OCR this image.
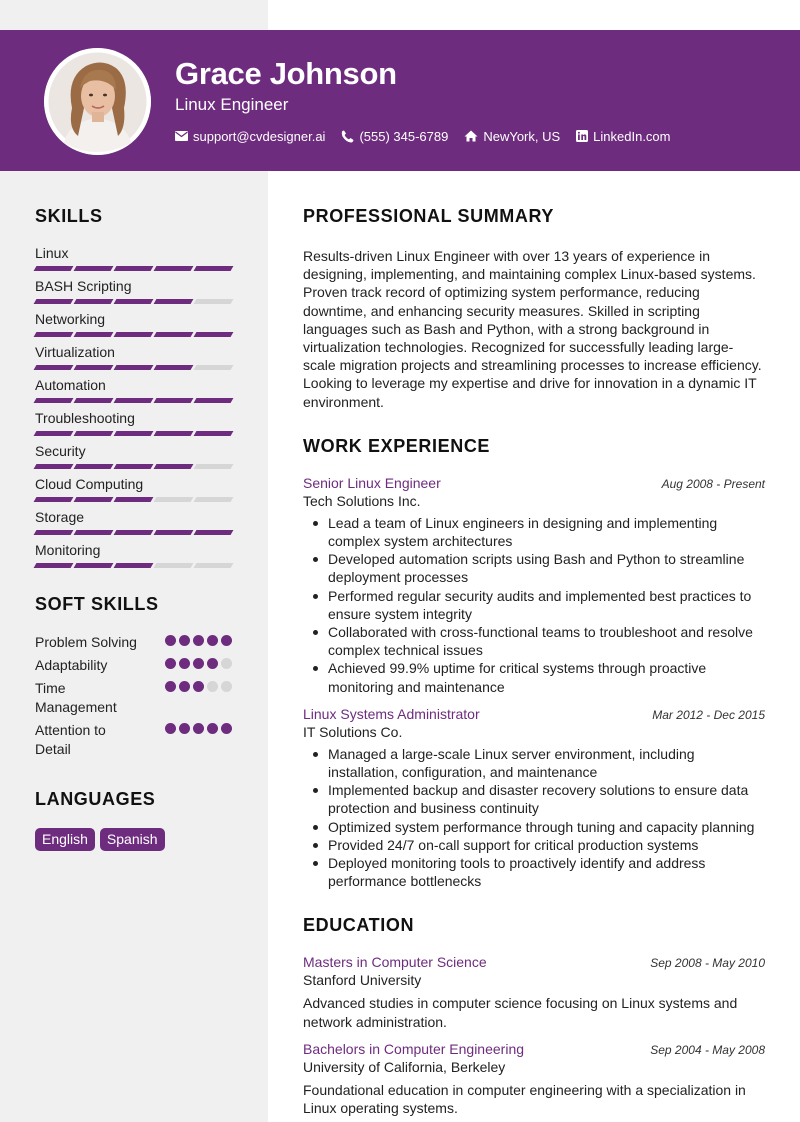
Grace Johnson
Linux Engineer
support@cvdesigner.ai	(555) 345-6789	NewYork, US	LinkedIn.com
SKILLS
Linux
BASH Scripting
Networking
Virtualization
Automation
Troubleshooting
Security
Cloud Computing
Storage
Monitoring
SOFT SKILLS
Problem Solving
Adaptability
Time Management
Attention to Detail
LANGUAGES
English	Spanish
PROFESSIONAL SUMMARY

Results-driven Linux Engineer with over 13 years of experience in designing, implementing, and maintaining complex Linux-based systems. Proven track record of optimizing system performance, reducing downtime, and enhancing security measures. Skilled in scripting languages such as Bash and Python, with a strong background in virtualization technologies. Recognized for successfully leading large-scale migration projects and streamlining processes to increase efficiency. Looking to leverage my expertise and drive for innovation in a dynamic IT environment.

WORK EXPERIENCE
Senior Linux Engineer	Aug 2008 - Present
Tech Solutions Inc.
Lead a team of Linux engineers in designing and implementing complex system architectures
Developed automation scripts using Bash and Python to streamline deployment processes
Performed regular security audits and implemented best practices to ensure system integrity
Collaborated with cross-functional teams to troubleshoot and resolve complex technical issues
Achieved 99.9% uptime for critical systems through proactive monitoring and maintenance
Linux Systems Administrator	Mar 2012 - Dec 2015
IT Solutions Co.
Managed a large-scale Linux server environment, including installation, configuration, and maintenance
Implemented backup and disaster recovery solutions to ensure data protection and business continuity
Optimized system performance through tuning and capacity planning
Provided 24/7 on-call support for critical production systems
Deployed monitoring tools to proactively identify and address performance bottlenecks
EDUCATION
Masters in Computer Science	Sep 2008 - May 2010
Stanford University

Advanced studies in computer science focusing on Linux systems and network administration.

Bachelors in Computer Engineering	Sep 2004 - May 2008
University of California, Berkeley

Foundational education in computer engineering with a specialization in Linux operating systems.
